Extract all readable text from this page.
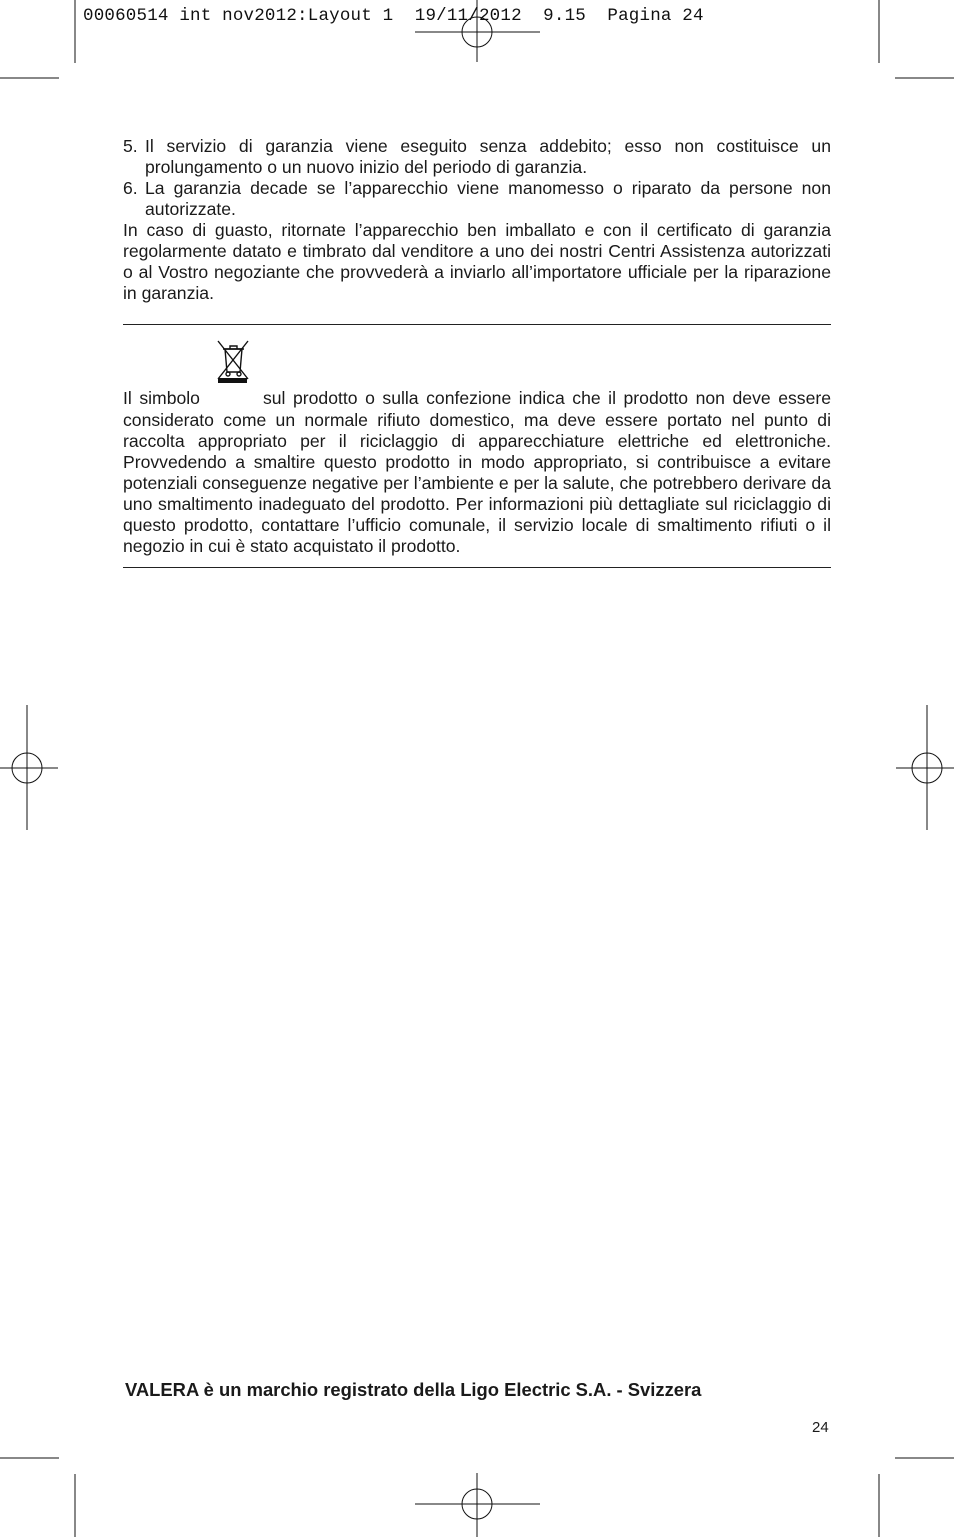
00060514 int nov2012:Layout 1  19/11/2012  9.15  Pagina 24
5. Il servizio di garanzia viene eseguito senza addebito; esso non costituisce un prolungamento o un nuovo inizio del periodo di garanzia.
6. La garanzia decade se l’apparecchio viene manomesso o riparato da persone non autorizzate.
In caso di guasto, ritornate l’apparecchio ben imballato e con il certificato di garanzia regolarmente datato e timbrato dal venditore a uno dei nostri Centri Assistenza autorizzati o al Vostro negoziante che provvederà a inviarlo all’importatore ufficiale per la riparazione in garanzia.
Il simbolo	sul prodotto o sulla confezione indica che il prodotto non deve essere considerato come un normale rifiuto domestico, ma deve essere portato nel punto di raccolta appropriato per il riciclaggio di apparecchiature elettriche ed elettroniche. Provvedendo a smaltire questo prodotto in modo appropriato, si contribuisce a evitare potenziali conseguenze negative per l’ambiente e per la salute, che potrebbero derivare da uno smaltimento inadeguato del prodotto. Per informazioni più dettagliate sul riciclaggio di questo prodotto, contattare l’ufficio comunale, il servizio locale di smaltimento rifiuti o il negozio in cui è stato acquistato il prodotto.
VALERA è un marchio registrato della Ligo Electric S.A. - Svizzera
24
